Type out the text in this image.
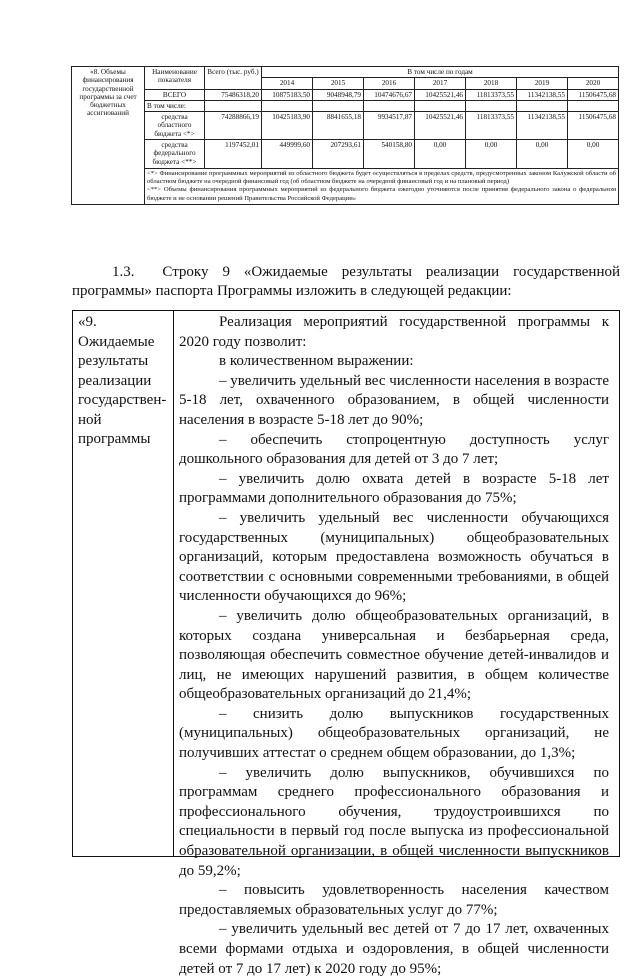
«8. Объемы финансирования государственной программы за счет бюджетных ассигнований	Наименование показателя	Всего (тыс. руб.)	В том числе по годам						
			2014	2015	2016	2017	2018	2019	2020
	ВСЕГО	75486318,20	10875183,50	9048948,79	10474676,67	10425521,46	11813373,55	11342138,55	11506475,68
	В том числе:								
	средства областного бюджета <*>	74288866,19	10425183,90	8841655,18	9934517,87	10425521,46	11813373,55	11342138,55	11506475,68
	средства федерального бюджета <**>	1197452,01	449999,60	207293,61	540158,80	0,00	0,00	0,00	0,00

	<*> Финансирование программных мероприятий из областного бюджета будет осуществляться в пределах средств, предусмотренных законом Калужской области об областном бюджете на очередной финансовый год (об областном бюджете на очередной финансовый год и на плановый период)
<**> Объемы финансирования программных мероприятий из федерального бюджета ежегодно уточняются после принятия федерального закона о федеральном бюджете и не основании решений Правительства Российской Федерации»								
1.3. Строку 9 «Ожидаемые результаты реализации государственной программы» паспорта Программы изложить в следующей редакции:
«9. Ожидаемые результаты реализации государствен-ной программы

Реализация мероприятий государственной программы к 2020 году позволит:

в количественном выражении:

– увеличить удельный вес численности населения в возрасте 5-18 лет, охваченного образованием, в общей численности населения в возрасте 5-18 лет до 90%;

– обеспечить стопроцентную доступность услуг дошкольного образования для детей от 3 до 7 лет;

– увеличить долю охвата детей в возрасте 5-18 лет программами дополнительного образования до 75%;

– увеличить удельный вес численности обучающихся государственных (муниципальных) общеобразовательных организаций, которым предоставлена возможность обучаться в соответствии с основными современными требованиями, в общей численности обучающихся до 96%;

– увеличить долю общеобразовательных организаций, в которых создана универсальная и безбарьерная среда, позволяющая обеспечить совместное обучение детей-инвалидов и лиц, не имеющих нарушений развития, в общем количестве общеобразовательных организаций до 21,4%;

– снизить долю выпускников государственных (муниципальных) общеобразовательных организаций, не получивших аттестат о среднем общем образовании, до 1,3%;

– увеличить долю выпускников, обучившихся по программам среднего профессионального образования и профессионального обучения, трудоустроившихся по специальности в первый год после выпуска из профессиональной образовательной организации, в общей численности выпускников до 59,2%;

– повысить удовлетворенность населения качеством предоставляемых образовательных услуг до 77%;

– увеличить удельный вес детей от 7 до 17 лет, охваченных всеми формами отдыха и оздоровления, в общей численности детей от 7 до 17 лет) к 2020 году до 95%;
